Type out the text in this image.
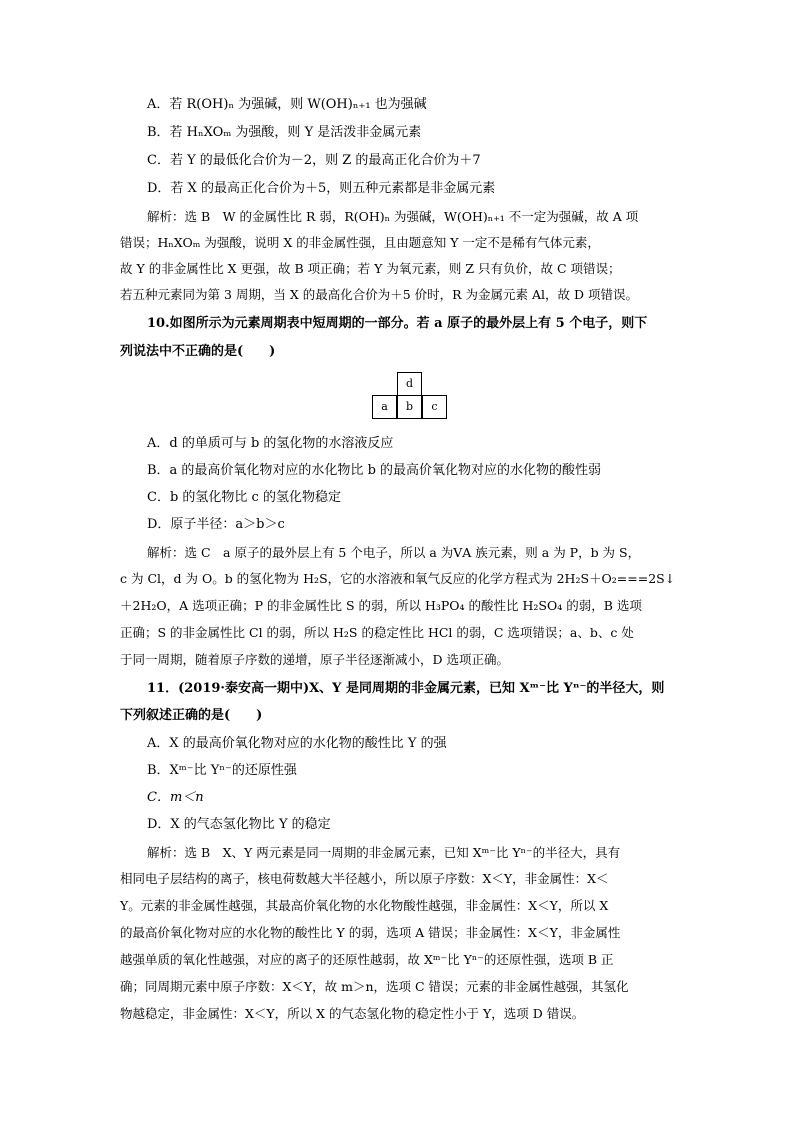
A．若 R(OH)ₙ 为强碱，则 W(OH)ₙ₊₁ 也为强碱
B．若 HₙXOₘ 为强酸，则 Y 是活泼非金属元素
C．若 Y 的最低化合价为－2，则 Z 的最高正化合价为＋7
D．若 X 的最高正化合价为＋5，则五种元素都是非金属元素
解析：选 B　W 的金属性比 R 弱，R(OH)ₙ 为强碱，W(OH)ₙ₊₁ 不一定为强碱，故 A 项
错误；HₙXOₘ 为强酸，说明 X 的非金属性强，且由题意知 Y 一定不是稀有气体元素，
故 Y 的非金属性比 X 更强，故 B 项正确；若 Y 为氧元素，则 Z 只有负价，故 C 项错误；
若五种元素同为第 3 周期，当 X 的最高化合价为＋5 价时，R 为金属元素 Al，故 D 项错误。
10.如图所示为元素周期表中短周期的一部分。若 a 原子的最外层上有 5 个电子，则下
列说法中不正确的是(　　)
d
a	b	c
A．d 的单质可与 b 的氢化物的水溶液反应
B．a 的最高价氧化物对应的水化物比 b 的最高价氧化物对应的水化物的酸性弱
C．b 的氢化物比 c 的氢化物稳定
D．原子半径：a＞b＞c
解析：选 C　a 原子的最外层上有 5 个电子，所以 a 为ⅤA 族元素，则 a 为 P，b 为 S，
c 为 Cl，d 为 O。b 的氢化物为 H₂S，它的水溶液和氧气反应的化学方程式为 2H₂S＋O₂===2S↓
＋2H₂O，A 选项正确；P 的非金属性比 S 的弱，所以 H₃PO₄ 的酸性比 H₂SO₄ 的弱，B 选项
正确；S 的非金属性比 Cl 的弱，所以 H₂S 的稳定性比 HCl 的弱，C 选项错误；a、b、c 处
于同一周期，随着原子序数的递增，原子半径逐渐减小，D 选项正确。
11．(2019·泰安高一期中)X、Y 是同周期的非金属元素，已知 Xᵐ⁻比 Yⁿ⁻的半径大，则
下列叙述正确的是(　　)
A．X 的最高价氧化物对应的水化物的酸性比 Y 的强
B．Xᵐ⁻比 Yⁿ⁻的还原性强
C．m＜n
D．X 的气态氢化物比 Y 的稳定
解析：选 B　X、Y 两元素是同一周期的非金属元素，已知 Xᵐ⁻比 Yⁿ⁻的半径大，具有
相同电子层结构的离子，核电荷数越大半径越小，所以原子序数：X＜Y，非金属性：X＜
Y。元素的非金属性越强，其最高价氧化物的水化物酸性越强，非金属性：X＜Y，所以 X
的最高价氧化物对应的水化物的酸性比 Y 的弱，选项 A 错误；非金属性：X＜Y，非金属性
越强单质的氧化性越强，对应的离子的还原性越弱，故 Xᵐ⁻比 Yⁿ⁻的还原性强，选项 B 正
确；同周期元素中原子序数：X＜Y，故 m＞n，选项 C 错误；元素的非金属性越强，其氢化
物越稳定，非金属性：X＜Y，所以 X 的气态氢化物的稳定性小于 Y，选项 D 错误。
